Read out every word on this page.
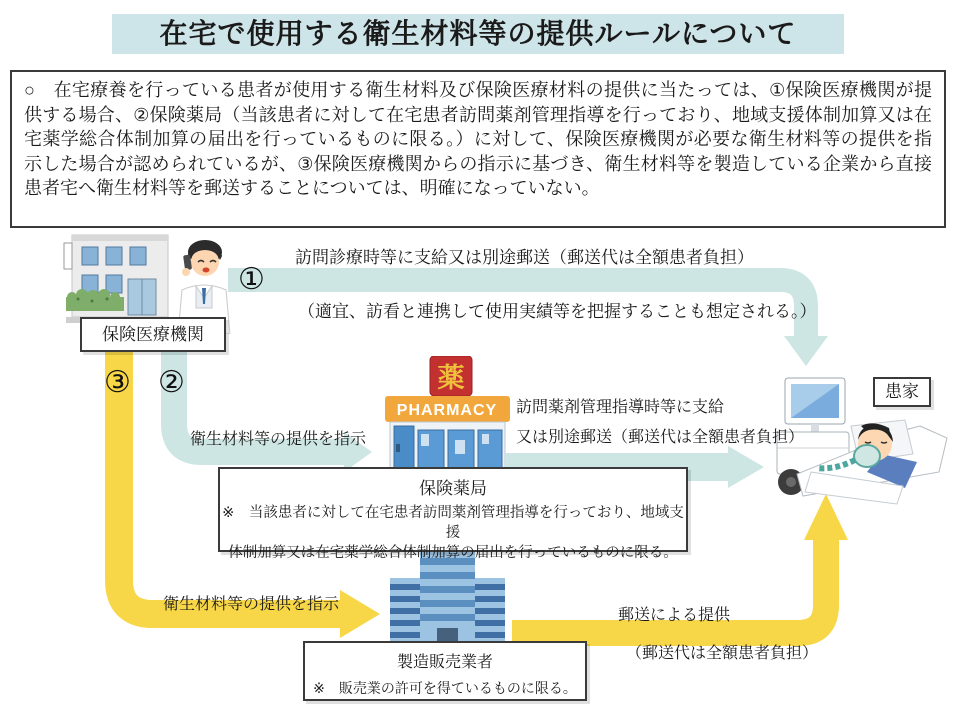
在宅で使用する衛生材料等の提供ルールについて

○　在宅療養を行っている患者が使用する衛生材料及び保険医療材料の提供に当たっては、①保険医療機関が提供する場合、②保険薬局（当該患者に対して在宅患者訪問薬剤管理指導を行っており、地域支援体制加算又は在宅薬学総合体制加算の届出を行っているものに限る。）に対して、保険医療機関が必要な衛生材料等の提供を指示した場合が認められているが、③保険医療機関からの指示に基づき、衛生材料等を製造している企業から直接患者宅へ衛生材料等を郵送することについては、明確になっていない。

訪問診療時等に支給又は別途郵送（郵送代は全額患者負担）
①
（適宜、訪看と連携して使用実績等を把握することも想定される。）
保険医療機関
③ ②
衛生材料等の提供を指示
薬
PHARMACY 訪問薬剤管理指導時等に支給
又は別途郵送（郵送代は全額患者負担）
保険薬局
※　当該患者に対して在宅患者訪問薬剤管理指導を行っており、地域支援
体制加算又は在宅薬学総合体制加算の届出を行っているものに限る。
衛生材料等の提供を指示
郵送による提供
（郵送代は全額患者負担）
製造販売業者
※　販売業の許可を得ているものに限る。
患家
